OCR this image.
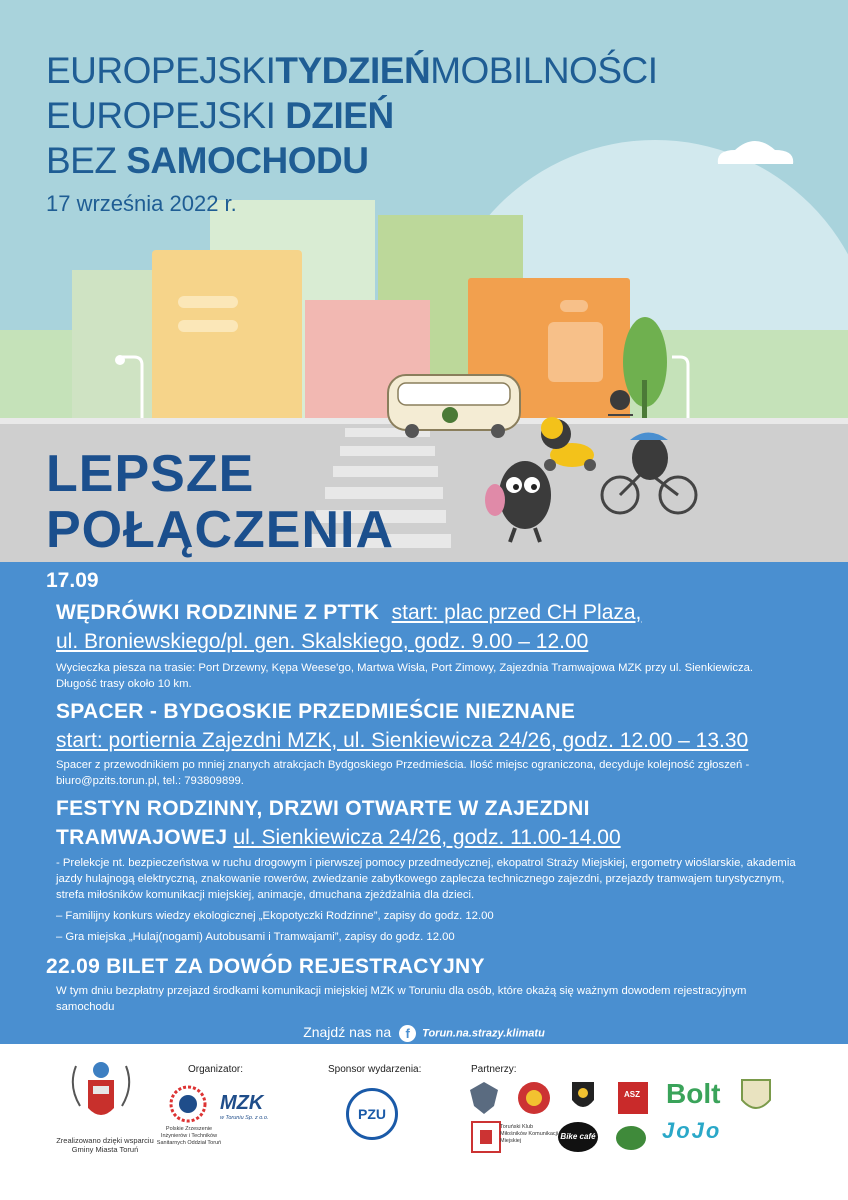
EUROPEJSKITYDZIEŃMOBILNOŚCI
EUROPEJSKI DZIEŃ
BEZ SAMOCHODU
17 września 2022 r.
LEPSZE
POŁĄCZENIA
17.09
WĘDRÓWKI RODZINNE Z PTTK start: plac przed CH Plaza,
ul. Broniewskiego/pl. gen. Skalskiego, godz. 9.00 – 12.00
Wycieczka piesza na trasie: Port Drzewny, Kępa Weese'go, Martwa Wisła, Port Zimowy, Zajezdnia Tramwajowa MZK przy ul. Sienkiewicza. Długość trasy około 10 km.
SPACER - BYDGOSKIE PRZEDMIEŚCIE NIEZNANE
start: portiernia Zajezdni MZK, ul. Sienkiewicza 24/26, godz. 12.00 – 13.30
Spacer z przewodnikiem po mniej znanych atrakcjach Bydgoskiego Przedmieścia. Ilość miejsc ograniczona, decyduje kolejność zgłoszeń - biuro@pzits.torun.pl, tel.: 793809899.
FESTYN RODZINNY, DRZWI OTWARTE W ZAJEZDNI
TRAMWAJOWEJ ul. Sienkiewicza 24/26, godz. 11.00-14.00
- Prelekcje nt. bezpieczeństwa w ruchu drogowym i pierwszej pomocy przedmedycznej, ekopatrol Straży Miejskiej, ergometry wioślarskie, akademia jazdy hulajnogą elektryczną, znakowanie rowerów, zwiedzanie zabytkowego zaplecza technicznego zajezdni, przejazdy tramwajem turystycznym, strefa miłośników komunikacji miejskiej, animacje, dmuchana zjeżdżalnia dla dzieci.
– Familijny konkurs wiedzy ekologicznej „Ekopotyczki Rodzinne”, zapisy do godz. 12.00
– Gra miejska „Hulaj(nogami) Autobusami i Tramwajami”, zapisy do godz. 12.00
22.09 BILET ZA DOWÓD REJESTRACYJNY
W tym dniu bezpłatny przejazd środkami komunikacji miejskiej MZK w Toruniu dla osób, które okażą się ważnym dowodem rejestracyjnym samochodu
Znajdź nas na f Torun.na.strazy.klimatu
Zrealizowano dzięki wsparciu Gminy Miasta Toruń
Organizator:
Polskie Zrzeszenie Inżynierów i Techników Sanitarnych Oddział Toruń
MZK
w Toruniu Sp. z o.o.
Sponsor wydarzenia:
PZU
Partnerzy:
ASZ Bolt
Toruński Klub Miłośników Komunikacji Miejskiej	Bike café	JoJo
